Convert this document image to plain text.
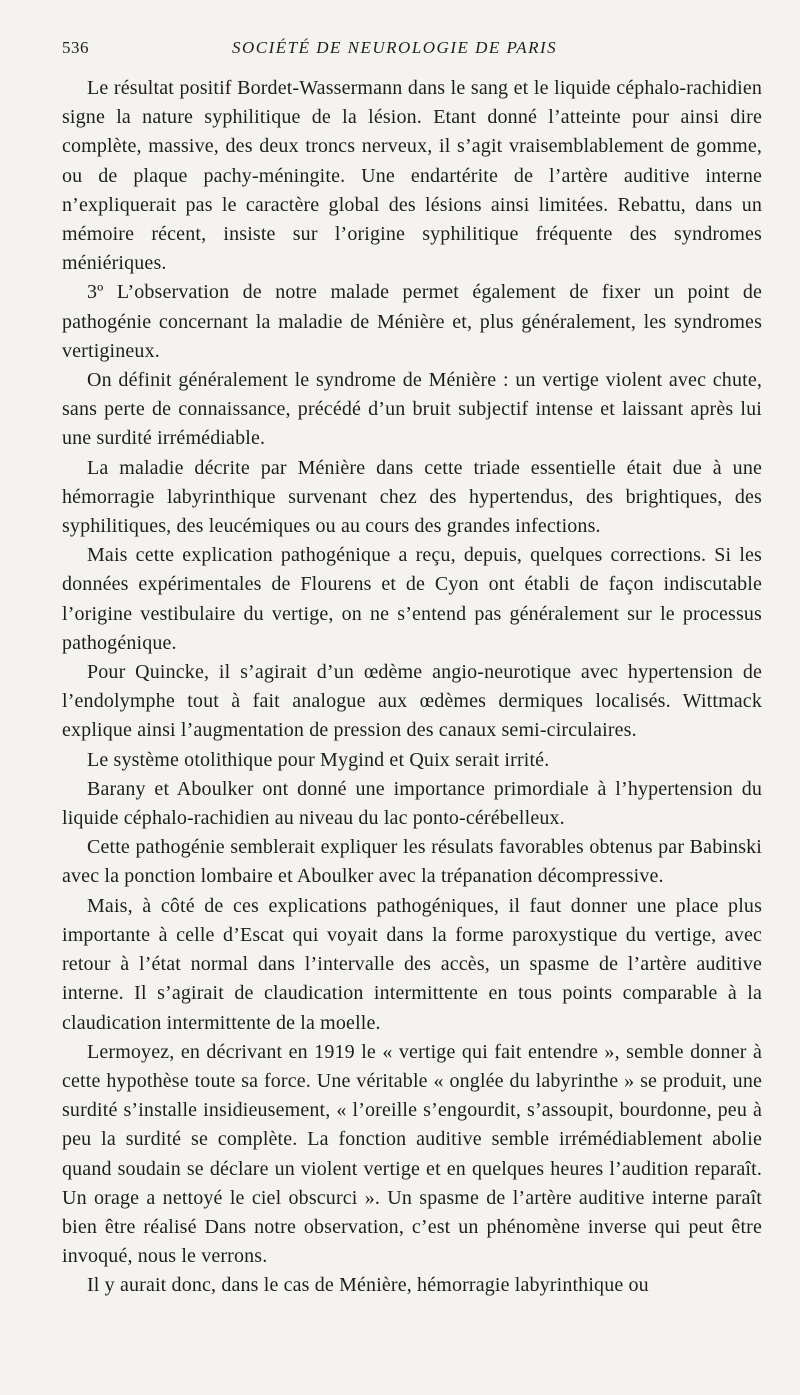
536	SOCIÉTÉ DE NEUROLOGIE DE PARIS

Le résultat positif Bordet-Wassermann dans le sang et le liquide céphalo-rachidien signe la nature syphilitique de la lésion. Etant donné l’atteinte pour ainsi dire complète, massive, des deux troncs nerveux, il s’agit vraisemblablement de gomme, ou de plaque pachy-méningite. Une endartérite de l’artère auditive interne n’expliquerait pas le caractère global des lésions ainsi limitées. Rebattu, dans un mémoire récent, insiste sur l’origine syphilitique fréquente des syndromes méniériques.

3º L’observation de notre malade permet également de fixer un point de pathogénie concernant la maladie de Ménière et, plus généralement, les syndromes vertigineux.

On définit généralement le syndrome de Ménière : un vertige violent avec chute, sans perte de connaissance, précédé d’un bruit subjectif intense et laissant après lui une surdité irrémédiable.

La maladie décrite par Ménière dans cette triade essentielle était due à une hémorragie labyrinthique survenant chez des hypertendus, des brightiques, des syphilitiques, des leucémiques ou au cours des grandes infections.

Mais cette explication pathogénique a reçu, depuis, quelques corrections. Si les données expérimentales de Flourens et de Cyon ont établi de façon indiscutable l’origine vestibulaire du vertige, on ne s’entend pas généralement sur le processus pathogénique.

Pour Quincke, il s’agirait d’un œdème angio-neurotique avec hypertension de l’endolymphe tout à fait analogue aux œdèmes dermiques localisés. Wittmack explique ainsi l’augmentation de pression des canaux semi-circulaires.

Le système otolithique pour Mygind et Quix serait irrité.

Barany et Aboulker ont donné une importance primordiale à l’hypertension du liquide céphalo-rachidien au niveau du lac ponto-cérébelleux.

Cette pathogénie semblerait expliquer les résulats favorables obtenus par Babinski avec la ponction lombaire et Aboulker avec la trépanation décompressive.

Mais, à côté de ces explications pathogéniques, il faut donner une place plus importante à celle d’Escat qui voyait dans la forme paroxystique du vertige, avec retour à l’état normal dans l’intervalle des accès, un spasme de l’artère auditive interne. Il s’agirait de claudication intermittente en tous points comparable à la claudication intermittente de la moelle.

Lermoyez, en décrivant en 1919 le « vertige qui fait entendre », semble donner à cette hypothèse toute sa force. Une véritable « onglée du labyrinthe » se produit, une surdité s’installe insidieusement, « l’oreille s’engourdit, s’assoupit, bourdonne, peu à peu la surdité se complète. La fonction auditive semble irrémédiablement abolie quand soudain se déclare un violent vertige et en quelques heures l’audition reparaît. Un orage a nettoyé le ciel obscurci ». Un spasme de l’artère auditive interne paraît bien être réalisé Dans notre observation, c’est un phénomène inverse qui peut être invoqué, nous le verrons.

Il y aurait donc, dans le cas de Ménière, hémorragie labyrinthique ou
